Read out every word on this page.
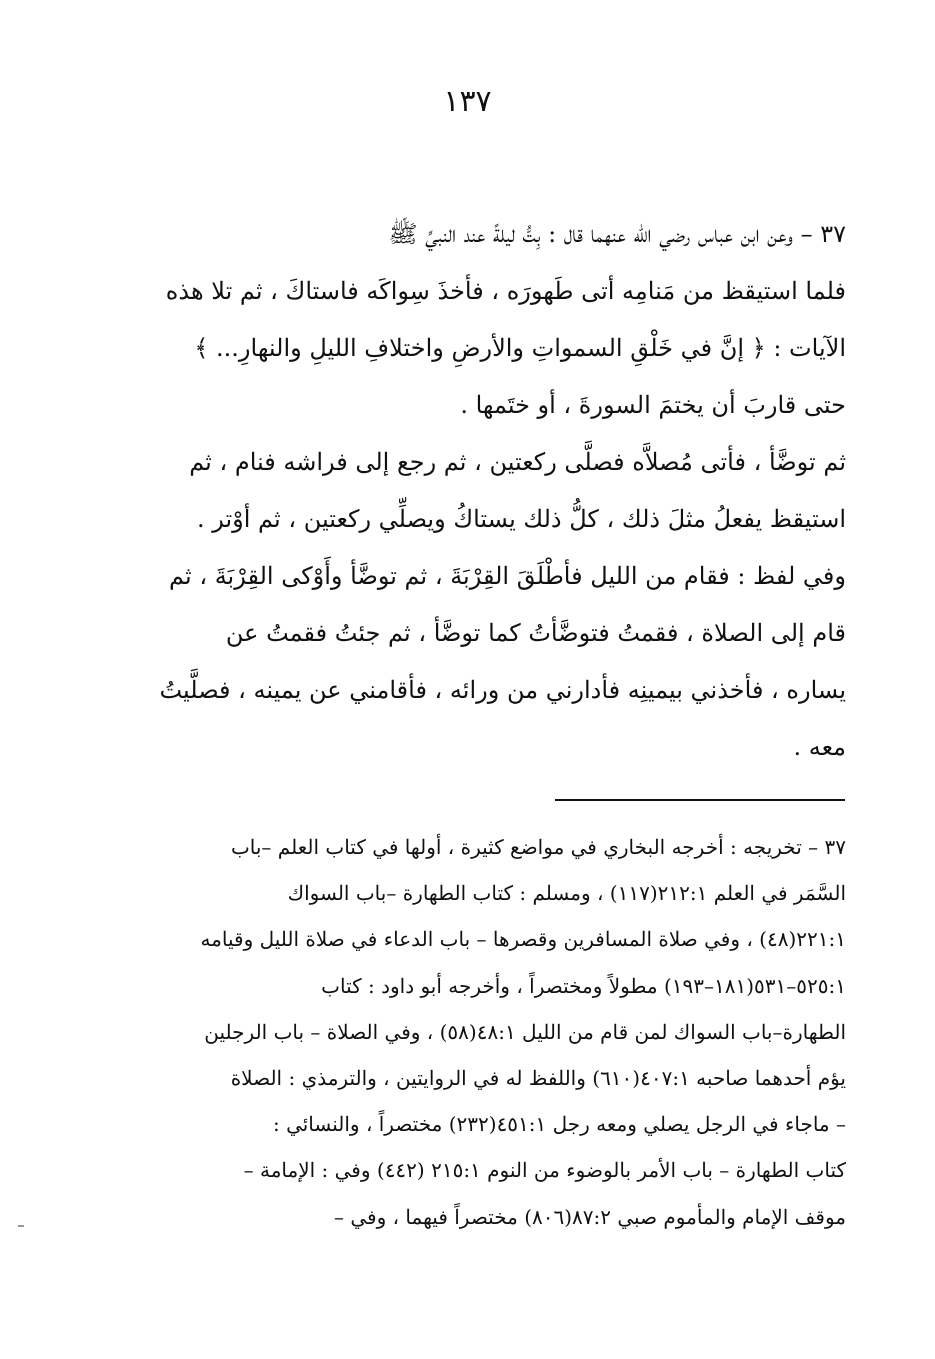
١٣٧
٣٧ – وعن ابن عباس رضي الله عنهما قال : بِتُّ ليلةً عند النبيِّ ﷺ
فلما استيقظ من مَنامِه أتى طَهورَه ، فأخذَ سِواكَه فاستاكَ ، ثم تلا هذه
الآيات : ﴿ إنَّ في خَلْقِ السمواتِ والأرضِ واختلافِ الليلِ والنهارِ... ﴾
حتى قاربَ أن يختمَ السورةَ ، أو ختَمها .
ثم توضَّأ ، فأتى مُصلاَّه فصلَّى ركعتين ، ثم رجع إلى فراشه فنام ، ثم
استيقظ يفعلُ مثلَ ذلك ، كلُّ ذلك يستاكُ ويصلِّي ركعتين ، ثم أوْتر .
وفي لفظ : فقام من الليل فأطْلَقَ القِرْبَةَ ، ثم توضَّأ وأَوْكى القِرْبَةَ ، ثم
قام إلى الصلاة ، فقمتُ فتوضَّأتُ كما توضَّأ ، ثم جئتُ فقمتُ عن
يساره ، فأخذني بيمينِه فأدارني من ورائه ، فأقامني عن يمينه ، فصلَّيتُ
معه .
٣٧ – تخريجه : أخرجه البخاري في مواضع كثيرة ، أولها في كتاب العلم –باب
السَّمَر في العلم ٢١٢:١(١١٧) ، ومسلم : كتاب الطهارة –باب السواك
٢٢١:١(٤٨) ، وفي صلاة المسافرين وقصرها – باب الدعاء في صلاة الليل وقيامه
٥٢٥:١–٥٣١(١٨١–١٩٣) مطولاً ومختصراً ، وأخرجه أبو داود : كتاب
الطهارة–باب السواك لمن قام من الليل ٤٨:١(٥٨) ، وفي الصلاة – باب الرجلين
يؤم أحدهما صاحبه ٤٠٧:١(٦١٠) واللفظ له في الروايتين ، والترمذي : الصلاة
– ماجاء في الرجل يصلي ومعه رجل ٤٥١:١(٢٣٢) مختصراً ، والنسائي :
كتاب الطهارة – باب الأمر بالوضوء من النوم ٢١٥:١ (٤٤٢) وفي : الإمامة –
موقف الإمام والمأموم صبي ٨٧:٢(٨٠٦) مختصراً فيهما ، وفي –
